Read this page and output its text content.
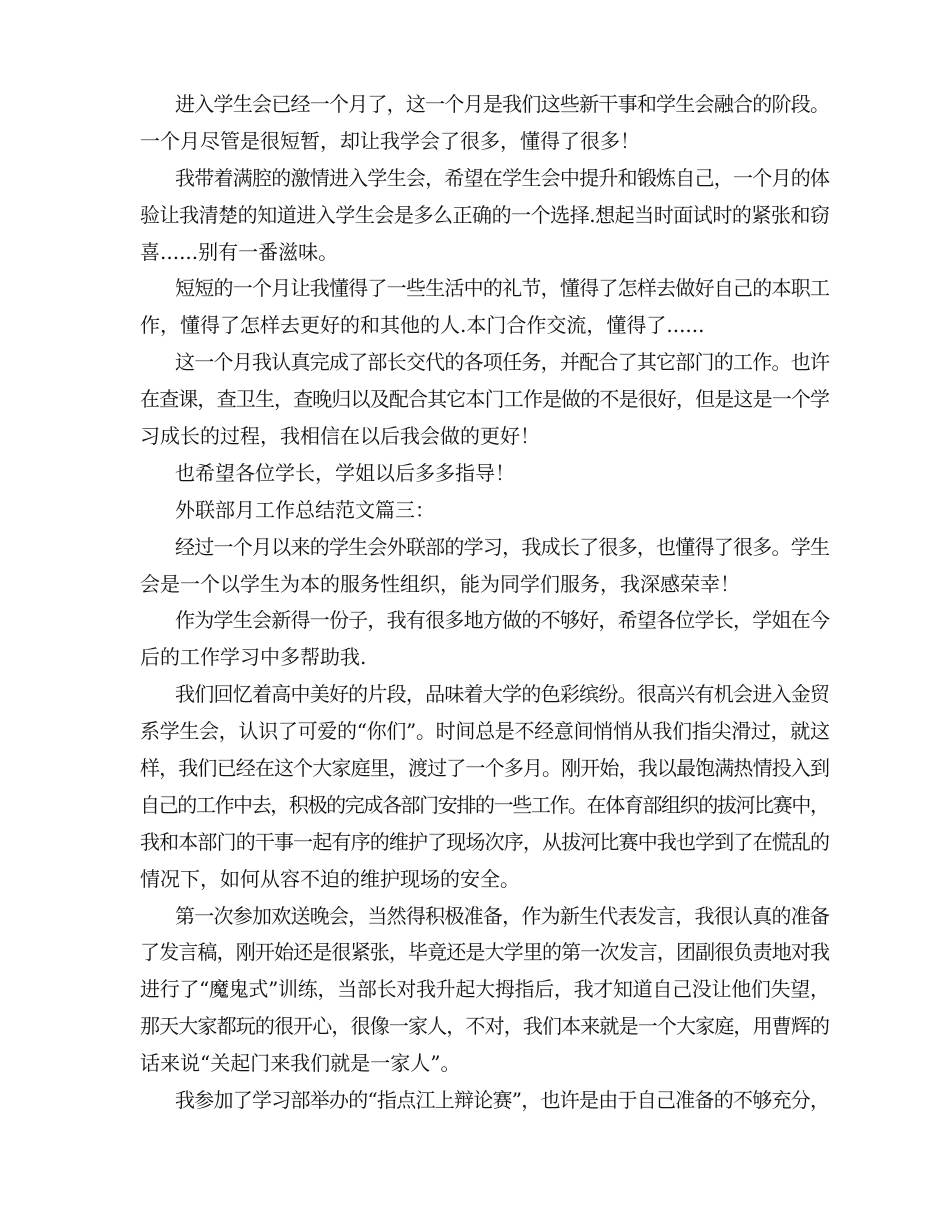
进入学生会已经一个月了，这一个月是我们这些新干事和学生会融合的阶段。
一个月尽管是很短暂，却让我学会了很多，懂得了很多！
我带着满腔的激情进入学生会，希望在学生会中提升和锻炼自己，一个月的体
验让我清楚的知道进入学生会是多么正确的一个选择.想起当时面试时的紧张和窃
喜......别有一番滋味。
短短的一个月让我懂得了一些生活中的礼节，懂得了怎样去做好自己的本职工
作，懂得了怎样去更好的和其他的人.本门合作交流，懂得了......
这一个月我认真完成了部长交代的各项任务，并配合了其它部门的工作。也许
在查课，查卫生，查晚归以及配合其它本门工作是做的不是很好，但是这是一个学
习成长的过程，我相信在以后我会做的更好！
也希望各位学长，学姐以后多多指导！
外联部月工作总结范文篇三：
经过一个月以来的学生会外联部的学习，我成长了很多，也懂得了很多。学生
会是一个以学生为本的服务性组织，能为同学们服务，我深感荣幸！
作为学生会新得一份子，我有很多地方做的不够好，希望各位学长，学姐在今
后的工作学习中多帮助我.
我们回忆着高中美好的片段，品味着大学的色彩缤纷。很高兴有机会进入金贸
系学生会，认识了可爱的“你们”。时间总是不经意间悄悄从我们指尖滑过，就这
样，我们已经在这个大家庭里，渡过了一个多月。刚开始，我以最饱满热情投入到
自己的工作中去，积极的完成各部门安排的一些工作。在体育部组织的拔河比赛中，
我和本部门的干事一起有序的维护了现场次序，从拔河比赛中我也学到了在慌乱的
情况下，如何从容不迫的维护现场的安全。
第一次参加欢送晚会，当然得积极准备，作为新生代表发言，我很认真的准备
了发言稿，刚开始还是很紧张，毕竟还是大学里的第一次发言，团副很负责地对我
进行了“魔鬼式”训练，当部长对我升起大拇指后，我才知道自己没让他们失望，
那天大家都玩的很开心，很像一家人，不对，我们本来就是一个大家庭，用曹辉的
话来说“关起门来我们就是一家人”。
我参加了学习部举办的“指点江上辩论赛”，也许是由于自己准备的不够充分，
